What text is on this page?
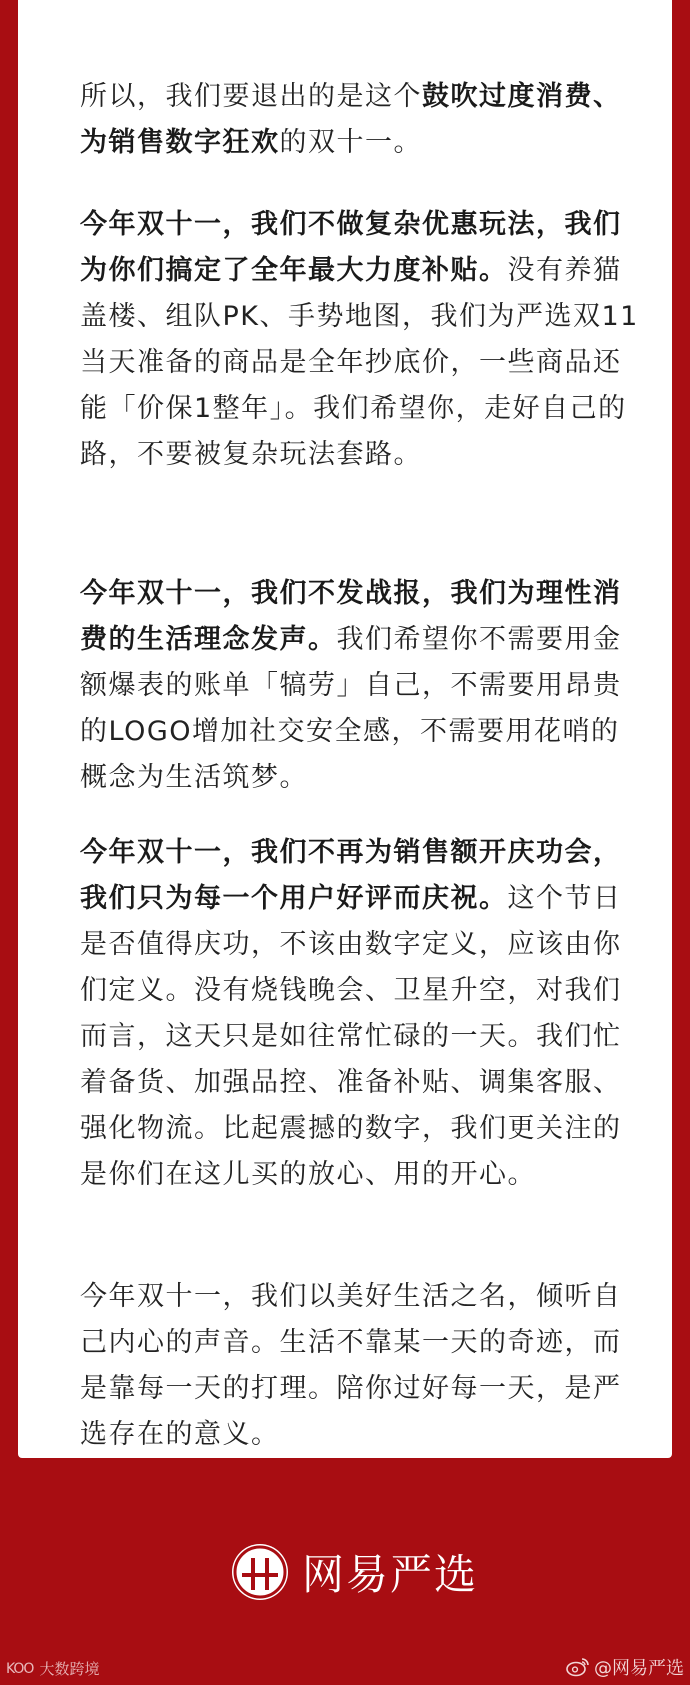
所以，我们要退出的是这个鼓吹过度消费、为销售数字狂欢的双十一。

今年双十一，我们不做复杂优惠玩法，我们为你们搞定了全年最大力度补贴。没有养猫盖楼、组队PK、手势地图，我们为严选双11当天准备的商品是全年抄底价，一些商品还能「价保1整年」。我们希望你，走好自己的路，不要被复杂玩法套路。

今年双十一，我们不发战报，我们为理性消费的生活理念发声。我们希望你不需要用金额爆表的账单「犒劳」自己，不需要用昂贵的LOGO增加社交安全感，不需要用花哨的概念为生活筑梦。

今年双十一，我们不再为销售额开庆功会，我们只为每一个用户好评而庆祝。这个节日是否值得庆功，不该由数字定义，应该由你们定义。没有烧钱晚会、卫星升空，对我们而言，这天只是如往常忙碌的一天。我们忙着备货、加强品控、准备补贴、调集客服、强化物流。比起震撼的数字，我们更关注的是你们在这儿买的放心、用的开心。

今年双十一，我们以美好生活之名，倾听自己内心的声音。生活不靠某一天的奇迹，而是靠每一天的打理。陪你过好每一天，是严选存在的意义。

网易严选
KOO 大数跨境	@网易严选
